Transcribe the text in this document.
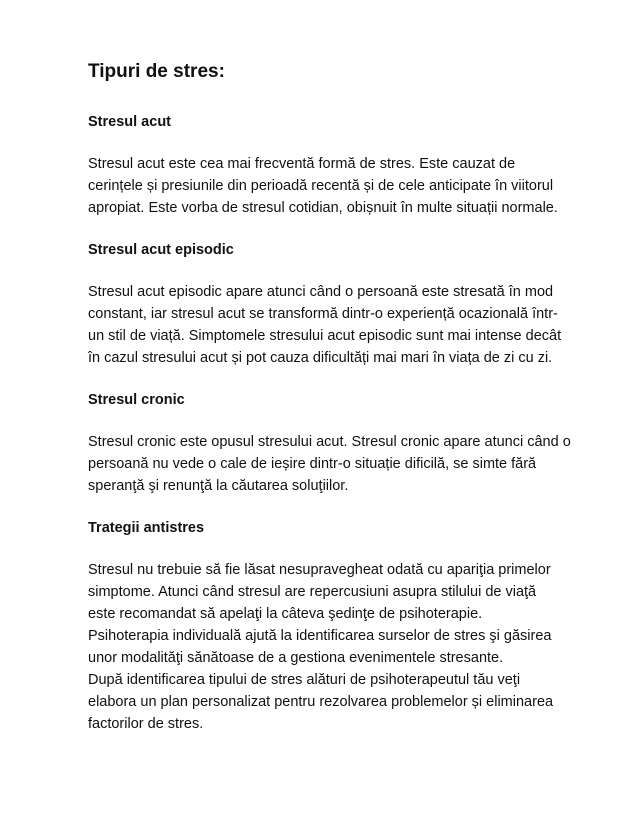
Tipuri de stres:
Stresul acut

Stresul acut este cea mai frecventă formă de stres. Este cauzat de
cerințele și presiunile din perioadă recentă și de cele anticipate în viitorul
apropiat. Este vorba de stresul cotidian, obișnuit în multe situații normale.

Stresul acut episodic

Stresul acut episodic apare atunci când o persoană este stresată în mod
constant, iar stresul acut se transformă dintr-o experiență ocazională într-
un stil de viață. Simptomele stresului acut episodic sunt mai intense decât
în cazul stresului acut și pot cauza dificultăți mai mari în viața de zi cu zi.

Stresul cronic

Stresul cronic este opusul stresului acut. Stresul cronic apare atunci când o
persoană nu vede o cale de ieșire dintr-o situație dificilă, se simte fără
speranţă şi renunţă la căutarea soluţiilor.

Trategii antistres

Stresul nu trebuie să fie lăsat nesupravegheat odată cu apariţia primelor
simptome. Atunci când stresul are repercusiuni asupra stilului de viaţă
este recomandat să apelaţi la câteva şedinţe de psihoterapie.
Psihoterapia individuală ajută la identificarea surselor de stres şi găsirea
unor modalităţi sănătoase de a gestiona evenimentele stresante.
După identificarea tipului de stres alături de psihoterapeutul tău veţi
elabora un plan personalizat pentru rezolvarea problemelor și eliminarea
factorilor de stres.
